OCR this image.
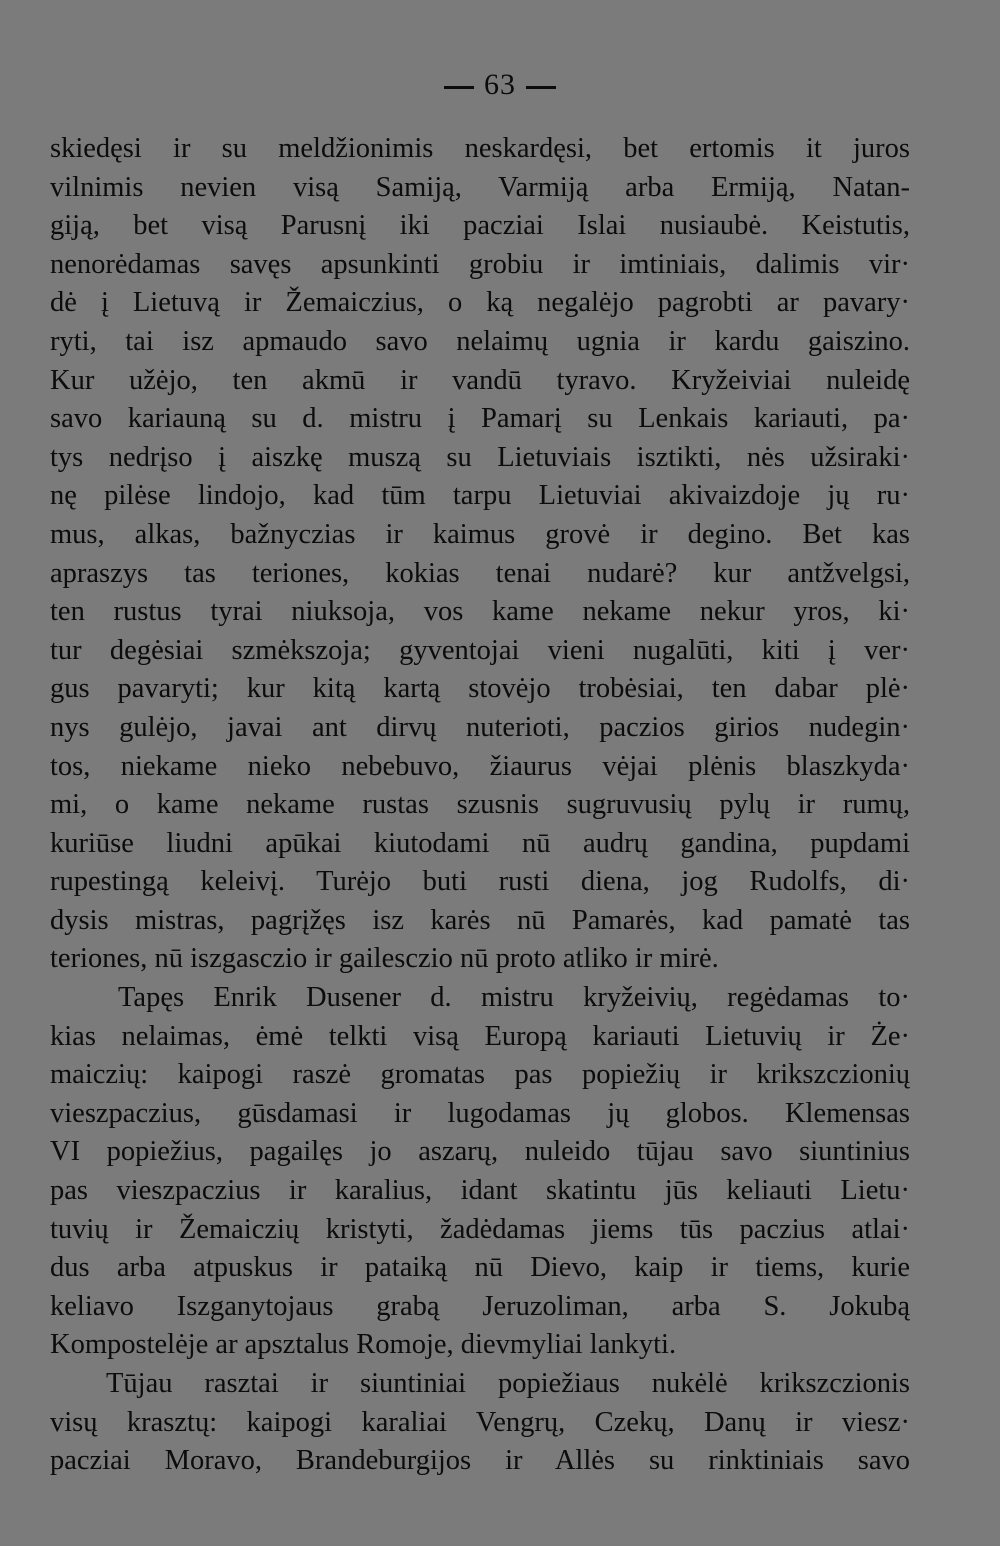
63
skiedęsi ir su meldžionimis neskardęsi, bet ertomis it juros
vilnimis nevien visą Samiją, Varmiją arba Ermiją, Natan-
giją, bet visą Parusnį iki pacziai Islai nusiaubė. Keistutis,
nenorėdamas savęs apsunkinti grobiu ir imtiniais, dalimis vir·
dė į Lietuvą ir Žemaiczius, o ką negalėjo pagrobti ar pavary·
ryti, tai isz apmaudo savo nelaimų ugnia ir kardu gaiszino.
Kur užėjo, ten akmū ir vandū tyravo. Kryžeiviai nuleidę
savo kariauną su d. mistru į Pamarį su Lenkais kariauti, pa·
tys nedrįso į aiszkę muszą su Lietuviais isztikti, nės užsiraki·
nę pilėse lindojo, kad tūm tarpu Lietuviai akivaizdoje jų ru·
mus, alkas, bažnyczias ir kaimus grovė ir degino. Bet kas
apraszys tas teriones, kokias tenai nudarė? kur antžvelgsi,
ten rustus tyrai niuksoja, vos kame nekame nekur yros, ki·
tur degėsiai szmėkszoja; gyventojai vieni nugalūti, kiti į ver·
gus pavaryti; kur kitą kartą stovėjo trobėsiai, ten dabar plė·
nys gulėjo, javai ant dirvų nuterioti, paczios girios nudegin·
tos, niekame nieko nebebuvo, žiaurus vėjai plėnis blaszkyda·
mi, o kame nekame rustas szusnis sugruvusių pylų ir rumų,
kuriūse liudni apūkai kiutodami nū audrų gandina, pupdami
rupestingą keleivį. Turėjo buti rusti diena, jog Rudolfs, di·
dysis mistras, pagrįžęs isz karės nū Pamarės, kad pamatė tas
teriones, nū iszgasczio ir gailesczio nū proto atliko ir mirė.
Tapęs Enrik Dusener d. mistru kryžeivių, regėdamas to·
kias nelaimas, ėmė telkti visą Europą kariauti Lietuvių ir Że·
maiczių: kaipogi raszė gromatas pas popiežių ir krikszczionių
vieszpaczius, gūsdamasi ir lugodamas jų globos. Klemensas
VI popiežius, pagailęs jo aszarų, nuleido tūjau savo siuntinius
pas vieszpaczius ir karalius, idant skatintu jūs keliauti Lietu·
tuvių ir Žemaiczių kristyti, žadėdamas jiems tūs paczius atlai·
dus arba atpuskus ir pataiką nū Dievo, kaip ir tiems, kurie
keliavo Iszganytojaus grabą Jeruzoliman, arba S. Jokubą
Kompostelėje ar apsztalus Romoje, dievmyliai lankyti.
Tūjau rasztai ir siuntiniai popiežiaus nukėlė krikszczionis
visų krasztų: kaipogi karaliai Vengrų, Czekų, Danų ir viesz·
pacziai Moravo, Brandeburgijos ir Allės su rinktiniais savo
